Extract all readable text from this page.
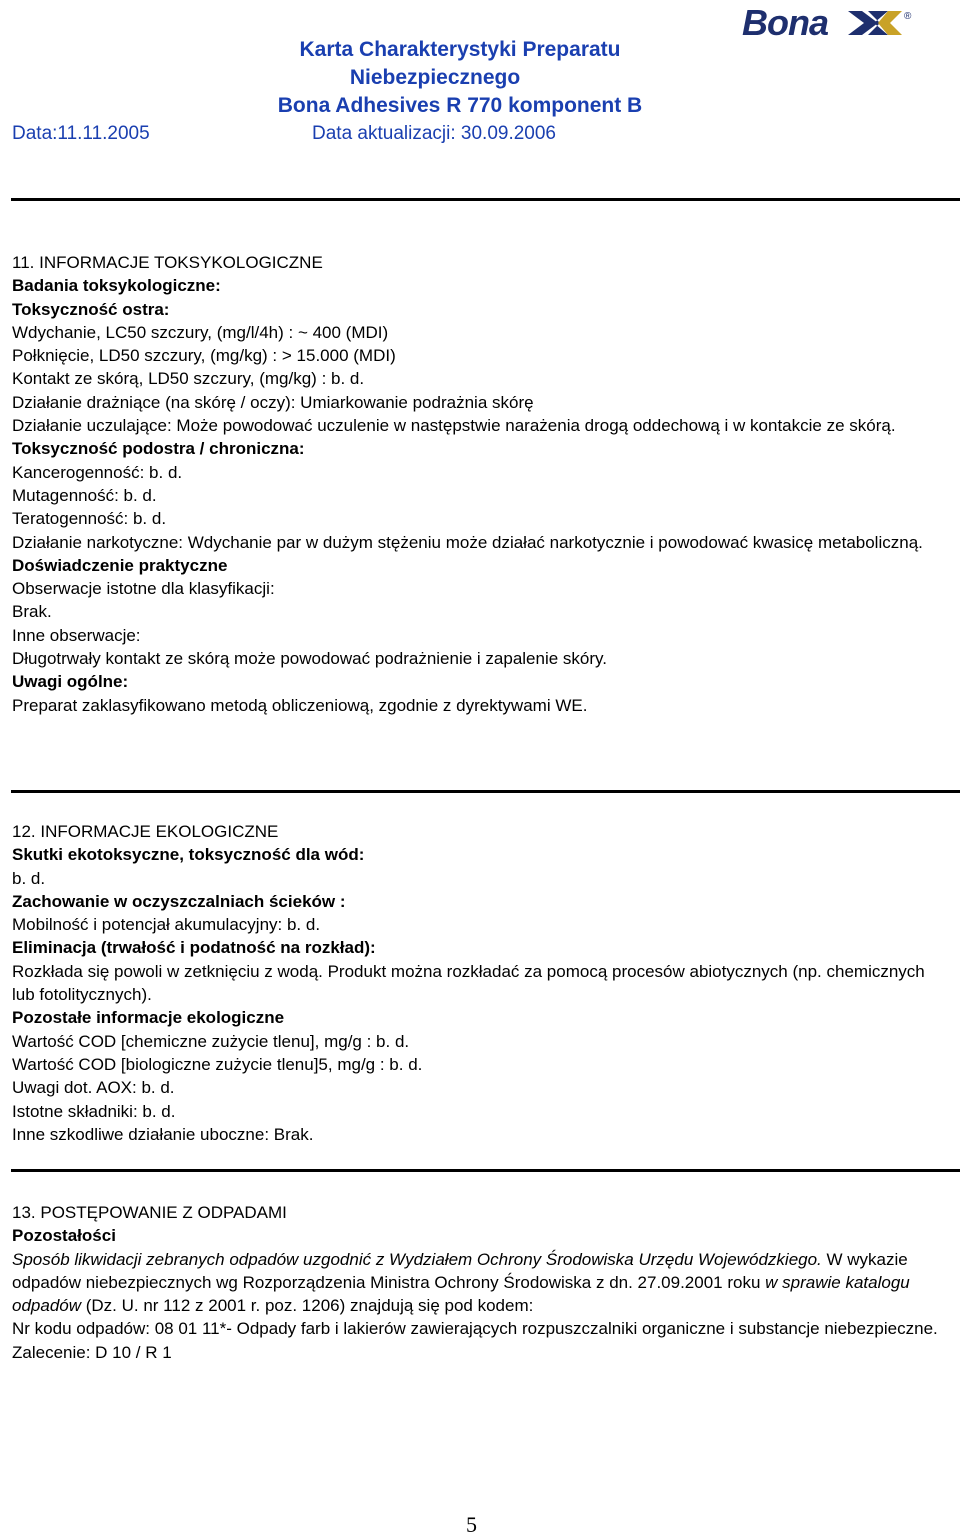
Karta Charakterystyki Preparatu
Niebezpiecznego
Bona Adhesives R 770 komponent B
Data:11.11.2005	Data aktualizacji: 30.09.2006
Bona	®

11. INFORMACJE TOKSYKOLOGICZNE

Badania toksykologiczne:

Toksyczność ostra:

Wdychanie, LC50 szczury, (mg/l/4h) : ~ 400 (MDI)

Połknięcie, LD50 szczury, (mg/kg) : > 15.000 (MDI)

Kontakt ze skórą, LD50 szczury, (mg/kg) : b. d.

Działanie drażniące (na skórę / oczy): Umiarkowanie podrażnia skórę

Działanie uczulające: Może powodować uczulenie w następstwie narażenia drogą oddechową i w kontakcie ze skórą.

Toksyczność podostra / chroniczna:

Kancerogenność: b. d.

Mutagenność: b. d.

Teratogenność: b. d.

Działanie narkotyczne: Wdychanie par w dużym stężeniu może działać narkotycznie i powodować kwasicę metaboliczną.

Doświadczenie praktyczne

Obserwacje istotne dla klasyfikacji:

Brak.

Inne obserwacje:

Długotrwały kontakt ze skórą może powodować podrażnienie i zapalenie skóry.

Uwagi ogólne:

Preparat zaklasyfikowano metodą obliczeniową, zgodnie z dyrektywami WE.

12. INFORMACJE EKOLOGICZNE

Skutki ekotoksyczne, toksyczność dla wód:

b. d.

Zachowanie w oczyszczalniach ścieków :

Mobilność i potencjał akumulacyjny: b. d.

Eliminacja (trwałość i podatność na rozkład):

Rozkłada się powoli w zetknięciu z wodą. Produkt można rozkładać za pomocą procesów abiotycznych (np. chemicznych lub fotolitycznych).

Pozostałe informacje ekologiczne

Wartość COD [chemiczne zużycie tlenu], mg/g : b. d.

Wartość COD [biologiczne zużycie tlenu]5, mg/g : b. d.

Uwagi dot. AOX: b. d.

Istotne składniki: b. d.

Inne szkodliwe działanie uboczne: Brak.

13. POSTĘPOWANIE Z ODPADAMI

Pozostałości

Sposób likwidacji zebranych odpadów uzgodnić z Wydziałem Ochrony Środowiska Urzędu Wojewódzkiego. W wykazie odpadów niebezpiecznych wg Rozporządzenia Ministra Ochrony Środowiska z dn. 27.09.2001 roku w sprawie katalogu odpadów (Dz. U. nr 112 z 2001 r. poz. 1206) znajdują się pod kodem:

Nr kodu odpadów: 08 01 11*- Odpady farb i lakierów zawierających rozpuszczalniki organiczne i substancje niebezpieczne. Zalecenie: D 10 / R 1

5
